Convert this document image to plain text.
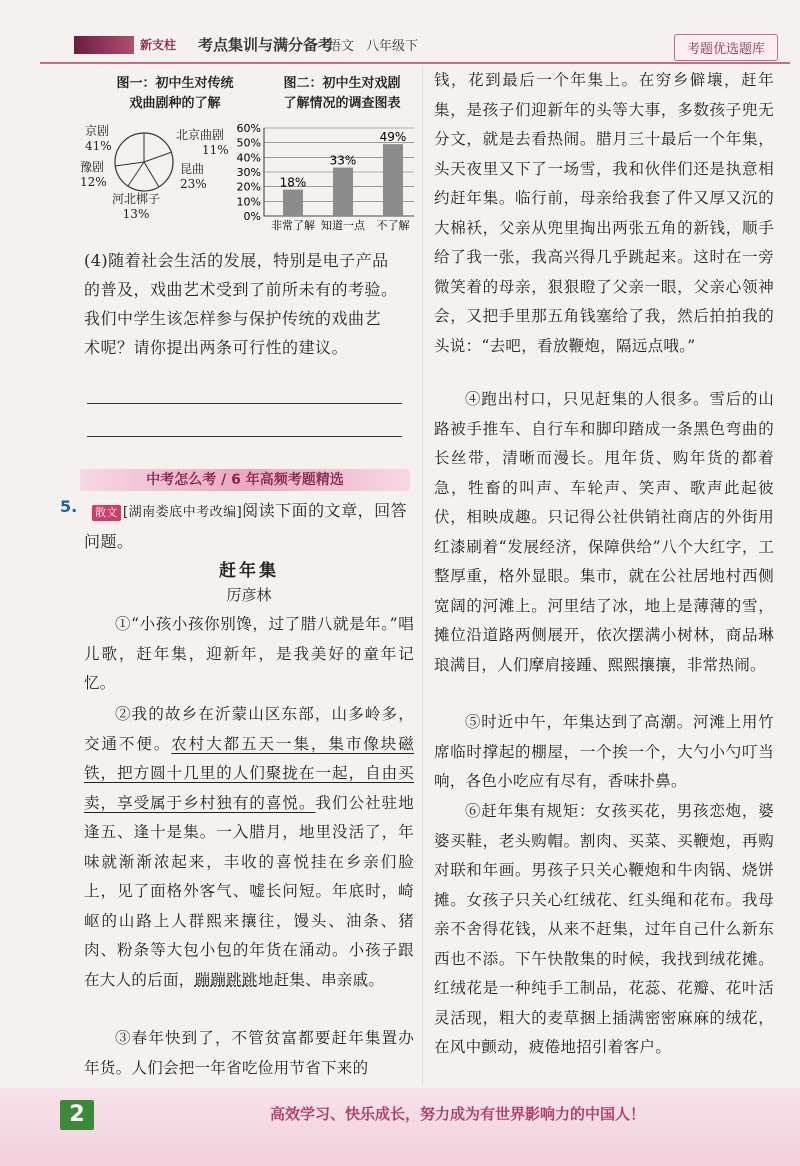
新支柱 考点集训与满分备考
语文 八年级下	考题优选题库
图一：初中生对传统
戏曲剧种的了解
京剧
41%
豫剧
12%
北京曲剧
11%
昆曲
23%
河北梆子
13%
图二：初中生对戏剧
了解情况的调查图表
0%
10%
20%
30%
40%
50%
60%
18%
非常了解
33%
知道一点
49%
不了解
(4)随着社会生活的发展，特别是电子产品
的普及，戏曲艺术受到了前所未有的考验。
我们中学生该怎样参与保护传统的戏曲艺
术呢？请你提出两条可行性的建议。
中考怎么考 / 6 年高频考题精选
5. 散文 [湖南娄底中考改编]阅读下面的文章，回答
问题。
赶年集
厉彦林
①“小孩小孩你别馋，过了腊八就是年。”唱儿歌，赶年集，迎新年，是我美好的童年记忆。
②我的故乡在沂蒙山区东部，山多岭多，交通不便。农村大都五天一集，集市像块磁铁，把方圆十几里的人们聚拢在一起，自由买卖，享受属于乡村独有的喜悦。我们公社驻地逢五、逢十是集。一入腊月，地里没活了，年味就渐渐浓起来，丰收的喜悦挂在乡亲们脸上，见了面格外客气、嘘长问短。年底时，崎岖的山路上人群熙来攘往，馒头、油条、猪肉、粉条等大包小包的年货在涌动。小孩子跟在大人的后面，蹦蹦跳跳地赶集、串亲戚。
③春年快到了，不管贫富都要赶年集置办年货。人们会把一年省吃俭用节省下来的
钱，花到最后一个年集上。在穷乡僻壤，赶年集，是孩子们迎新年的头等大事，多数孩子兜无分文，就是去看热闹。腊月三十最后一个年集，头天夜里又下了一场雪，我和伙伴们还是执意相约赶年集。临行前，母亲给我套了件又厚又沉的大棉袄，父亲从兜里掏出两张五角的新钱，顺手给了我一张，我高兴得几乎跳起来。这时在一旁微笑着的母亲，狠狠瞪了父亲一眼，父亲心领神会，又把手里那五角钱塞给了我，然后拍拍我的头说：“去吧，看放鞭炮，隔远点哦。”
④跑出村口，只见赶集的人很多。雪后的山路被手推车、自行车和脚印踏成一条黑色弯曲的长丝带，清晰而漫长。甩年货、购年货的都着急，牲畜的叫声、车轮声、笑声、歌声此起彼伏，相映成趣。只记得公社供销社商店的外街用红漆刷着“发展经济，保障供给”八个大红字，工整厚重，格外显眼。集市，就在公社居地村西侧宽阔的河滩上。河里结了冰，地上是薄薄的雪，摊位沿道路两侧展开，依次摆满小树林，商品琳琅满目，人们摩肩接踵、熙熙攘攘，非常热闹。
⑤时近中午，年集达到了高潮。河滩上用竹席临时撑起的棚屋，一个挨一个，大勺小勺叮当响，各色小吃应有尽有，香味扑鼻。
⑥赶年集有规矩：女孩买花，男孩恋炮，婆婆买鞋，老头购帽。割肉、买菜、买鞭炮，再购对联和年画。男孩子只关心鞭炮和牛肉锅、烧饼摊。女孩子只关心红绒花、红头绳和花布。我母亲不舍得花钱，从来不赶集，过年自己什么新东西也不添。下午快散集的时候，我找到绒花摊。红绒花是一种纯手工制品，花蕊、花瓣、花叶活灵活现，粗大的麦草捆上插满密密麻麻的绒花，在风中颤动，疲倦地招引着客户。
2	高效学习、快乐成长，努力成为有世界影响力的中国人！
